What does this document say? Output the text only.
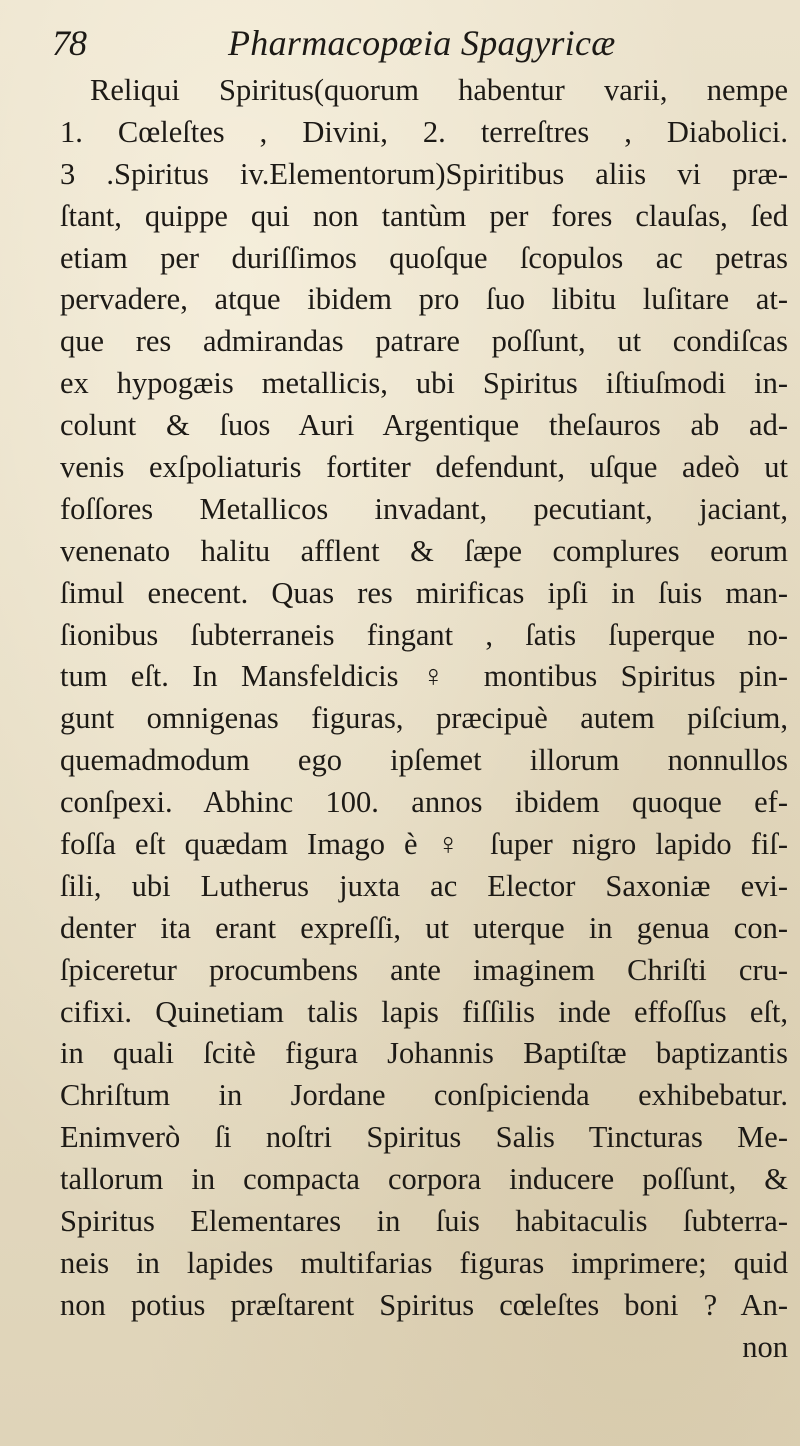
78	Pharmacopœia Spagyricæ
Reliqui Spiritus(quorum habentur varii, nempe
1. Cœleſtes , Divini, 2. terreſtres , Diabolici.
3 .Spiritus iv.Elementorum)Spiritibus aliis vi præ-
ſtant, quippe qui non tantùm per fores clauſas, ſed
etiam per duriſſimos quoſque ſcopulos ac petras
pervadere, atque ibidem pro ſuo libitu luſitare at-
que res admirandas patrare poſſunt, ut condiſcas
ex hypogæis metallicis, ubi Spiritus iſtiuſmodi in-
colunt & ſuos Auri Argentique theſauros ab ad-
venis exſpoliaturis fortiter defendunt, uſque adeò ut
foſſores Metallicos invadant, pecutiant, jaciant,
venenato halitu afflent & ſæpe complures eorum
ſimul enecent. Quas res mirificas ipſi in ſuis man-
ſionibus ſubterraneis fingant , ſatis ſuperque no-
tum eſt. In Mansfeldicis ♀ montibus Spiritus pin-
gunt omnigenas figuras, præcipuè autem piſcium,
quemadmodum ego ipſemet illorum nonnullos
conſpexi. Abhinc 100. annos ibidem quoque ef-
foſſa eſt quædam Imago è ♀ ſuper nigro lapido fiſ-
ſili, ubi Lutherus juxta ac Elector Saxoniæ evi-
denter ita erant expreſſi, ut uterque in genua con-
ſpiceretur procumbens ante imaginem Chriſti cru-
cifixi. Quinetiam talis lapis fiſſilis inde effoſſus eſt,
in quali ſcitè figura Johannis Baptiſtæ baptizantis
Chriſtum in Jordane conſpicienda exhibebatur.
Enimverò ſi noſtri Spiritus Salis Tincturas Me-
tallorum in compacta corpora inducere poſſunt, &
Spiritus Elementares in ſuis habitaculis ſubterra-
neis in lapides multifarias figuras imprimere; quid
non potius præſtarent Spiritus cœleſtes boni ? An-
non
